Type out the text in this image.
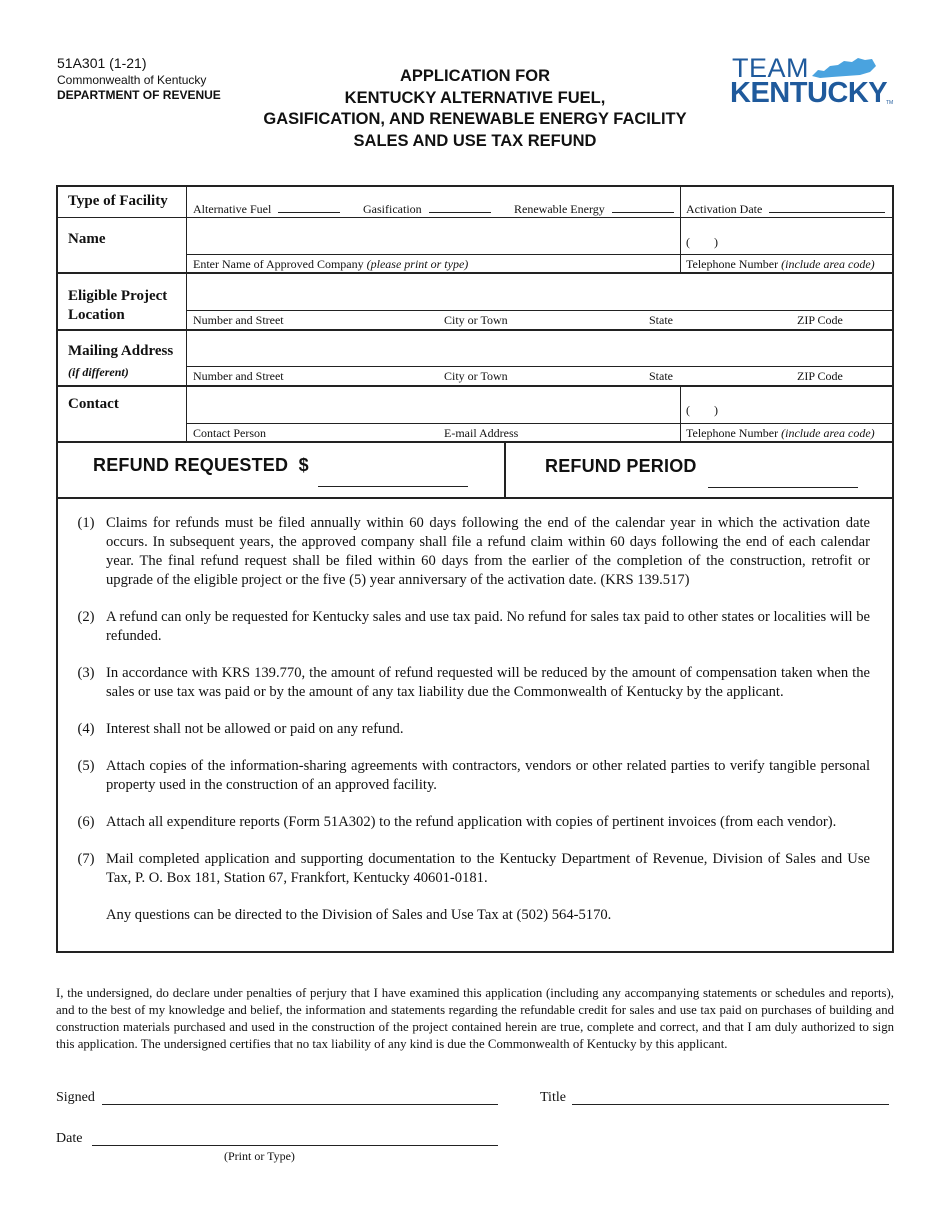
51A301 (1-21)
Commonwealth of Kentucky
DEPARTMENT OF REVENUE
APPLICATION FOR
KENTUCKY ALTERNATIVE FUEL,
GASIFICATION, AND RENEWABLE ENERGY FACILITY
SALES AND USE TAX REFUND
TEAM
KENTUCKY
TM
Type of Facility Alternative Fuel	Gasification	Renewable Energy	Activation Date
Name
Enter Name of Approved Company (please print or type)
(        )
Telephone Number (include area code)
Eligible Project
Location	Number and Street	City or Town	State	ZIP Code
Mailing Address
(if different)	Number and Street	City or Town	State	ZIP Code
Contact
Contact Person	E-mail Address
(        )
Telephone Number (include area code)
REFUND REQUESTED  $	REFUND PERIOD
(1) Claims for refunds must be filed annually within 60 days following the end of the calendar year in which the activation date occurs. In subsequent years, the approved company shall file a refund claim within 60 days following the end of each calendar year. The final refund request shall be filed within 60 days from the earlier of the completion of the construction, retrofit or upgrade of the eligible project or the five (5) year anniversary of the activation date. (KRS 139.517)
(2) A refund can only be requested for Kentucky sales and use tax paid. No refund for sales tax paid to other states or localities will be refunded.
(3) In accordance with KRS 139.770, the amount of refund requested will be reduced by the amount of compensation taken when the sales or use tax was paid or by the amount of any tax liability due the Commonwealth of Kentucky by the applicant.
(4) Interest shall not be allowed or paid on any refund.
(5) Attach copies of the information-sharing agreements with contractors, vendors or other related parties to verify tangible personal property used in the construction of an approved facility.
(6) Attach all expenditure reports (Form 51A302) to the refund application with copies of pertinent invoices (from each vendor).
(7) Mail completed application and supporting documentation to the Kentucky Department of Revenue, Division of Sales and Use Tax, P. O. Box 181, Station 67, Frankfort, Kentucky 40601-0181.
Any questions can be directed to the Division of Sales and Use Tax at (502) 564-5170.
I, the undersigned, do declare under penalties of perjury that I have examined this application (including any accompanying statements or schedules and reports), and to the best of my knowledge and belief, the information and statements regarding the refundable credit for sales and use tax paid on purchases of building and construction materials purchased and used in the construction of the project contained herein are true, complete and correct, and that I am duly authorized to sign this application. The undersigned certifies that no tax liability of any kind is due the Commonwealth of Kentucky by this applicant.
Signed	Title
Date
(Print or Type)
